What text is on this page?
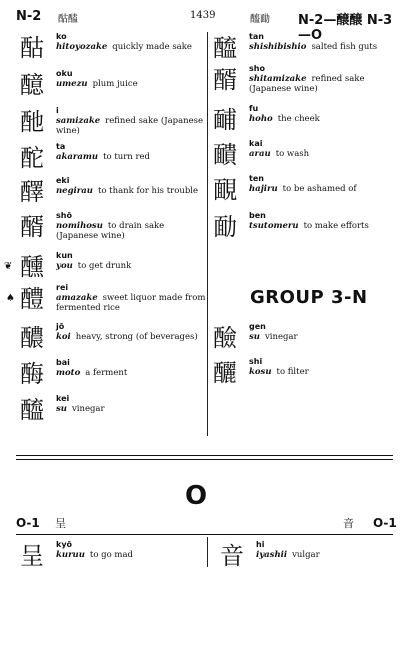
N-2 酤醘	1439	醯勔 N-2—醸醸 N-3—O
酤 ko
hitoyozake quickly made sake
醷 oku
umezu plum juice
酏 i
samizake refined sake (Japanese wine)
酡 ta
akaramu to turn red
醳 eki
negirau to thank for his trouble
醑 shō
nomihosu to drain sake (Japanese wine)
❦ 醺 kun
you to get drunk
♠ 醴 rei
amazake sweet liquor made from fermented rice
醲 jō
koi heavy, strong (of beverages)
酶 bai
moto a ferment
醯 kei
su vinegar
醯 tan
shishibishio salted fish guts
醑 sho
shitamizake refined sake (Japanese wine)
䩉 fu
hoho the cheek
靧 kai
arau to wash
靦 ten
hajiru to be ashamed of
勔 ben
tsutomeru to make efforts
GROUP 3-N
醶 gen
su vinegar
釃 shi
kosu to filter
O
O-1 呈	音 O-1
呈 kyō
kuruu to go mad	音 hi
iyashii vulgar
